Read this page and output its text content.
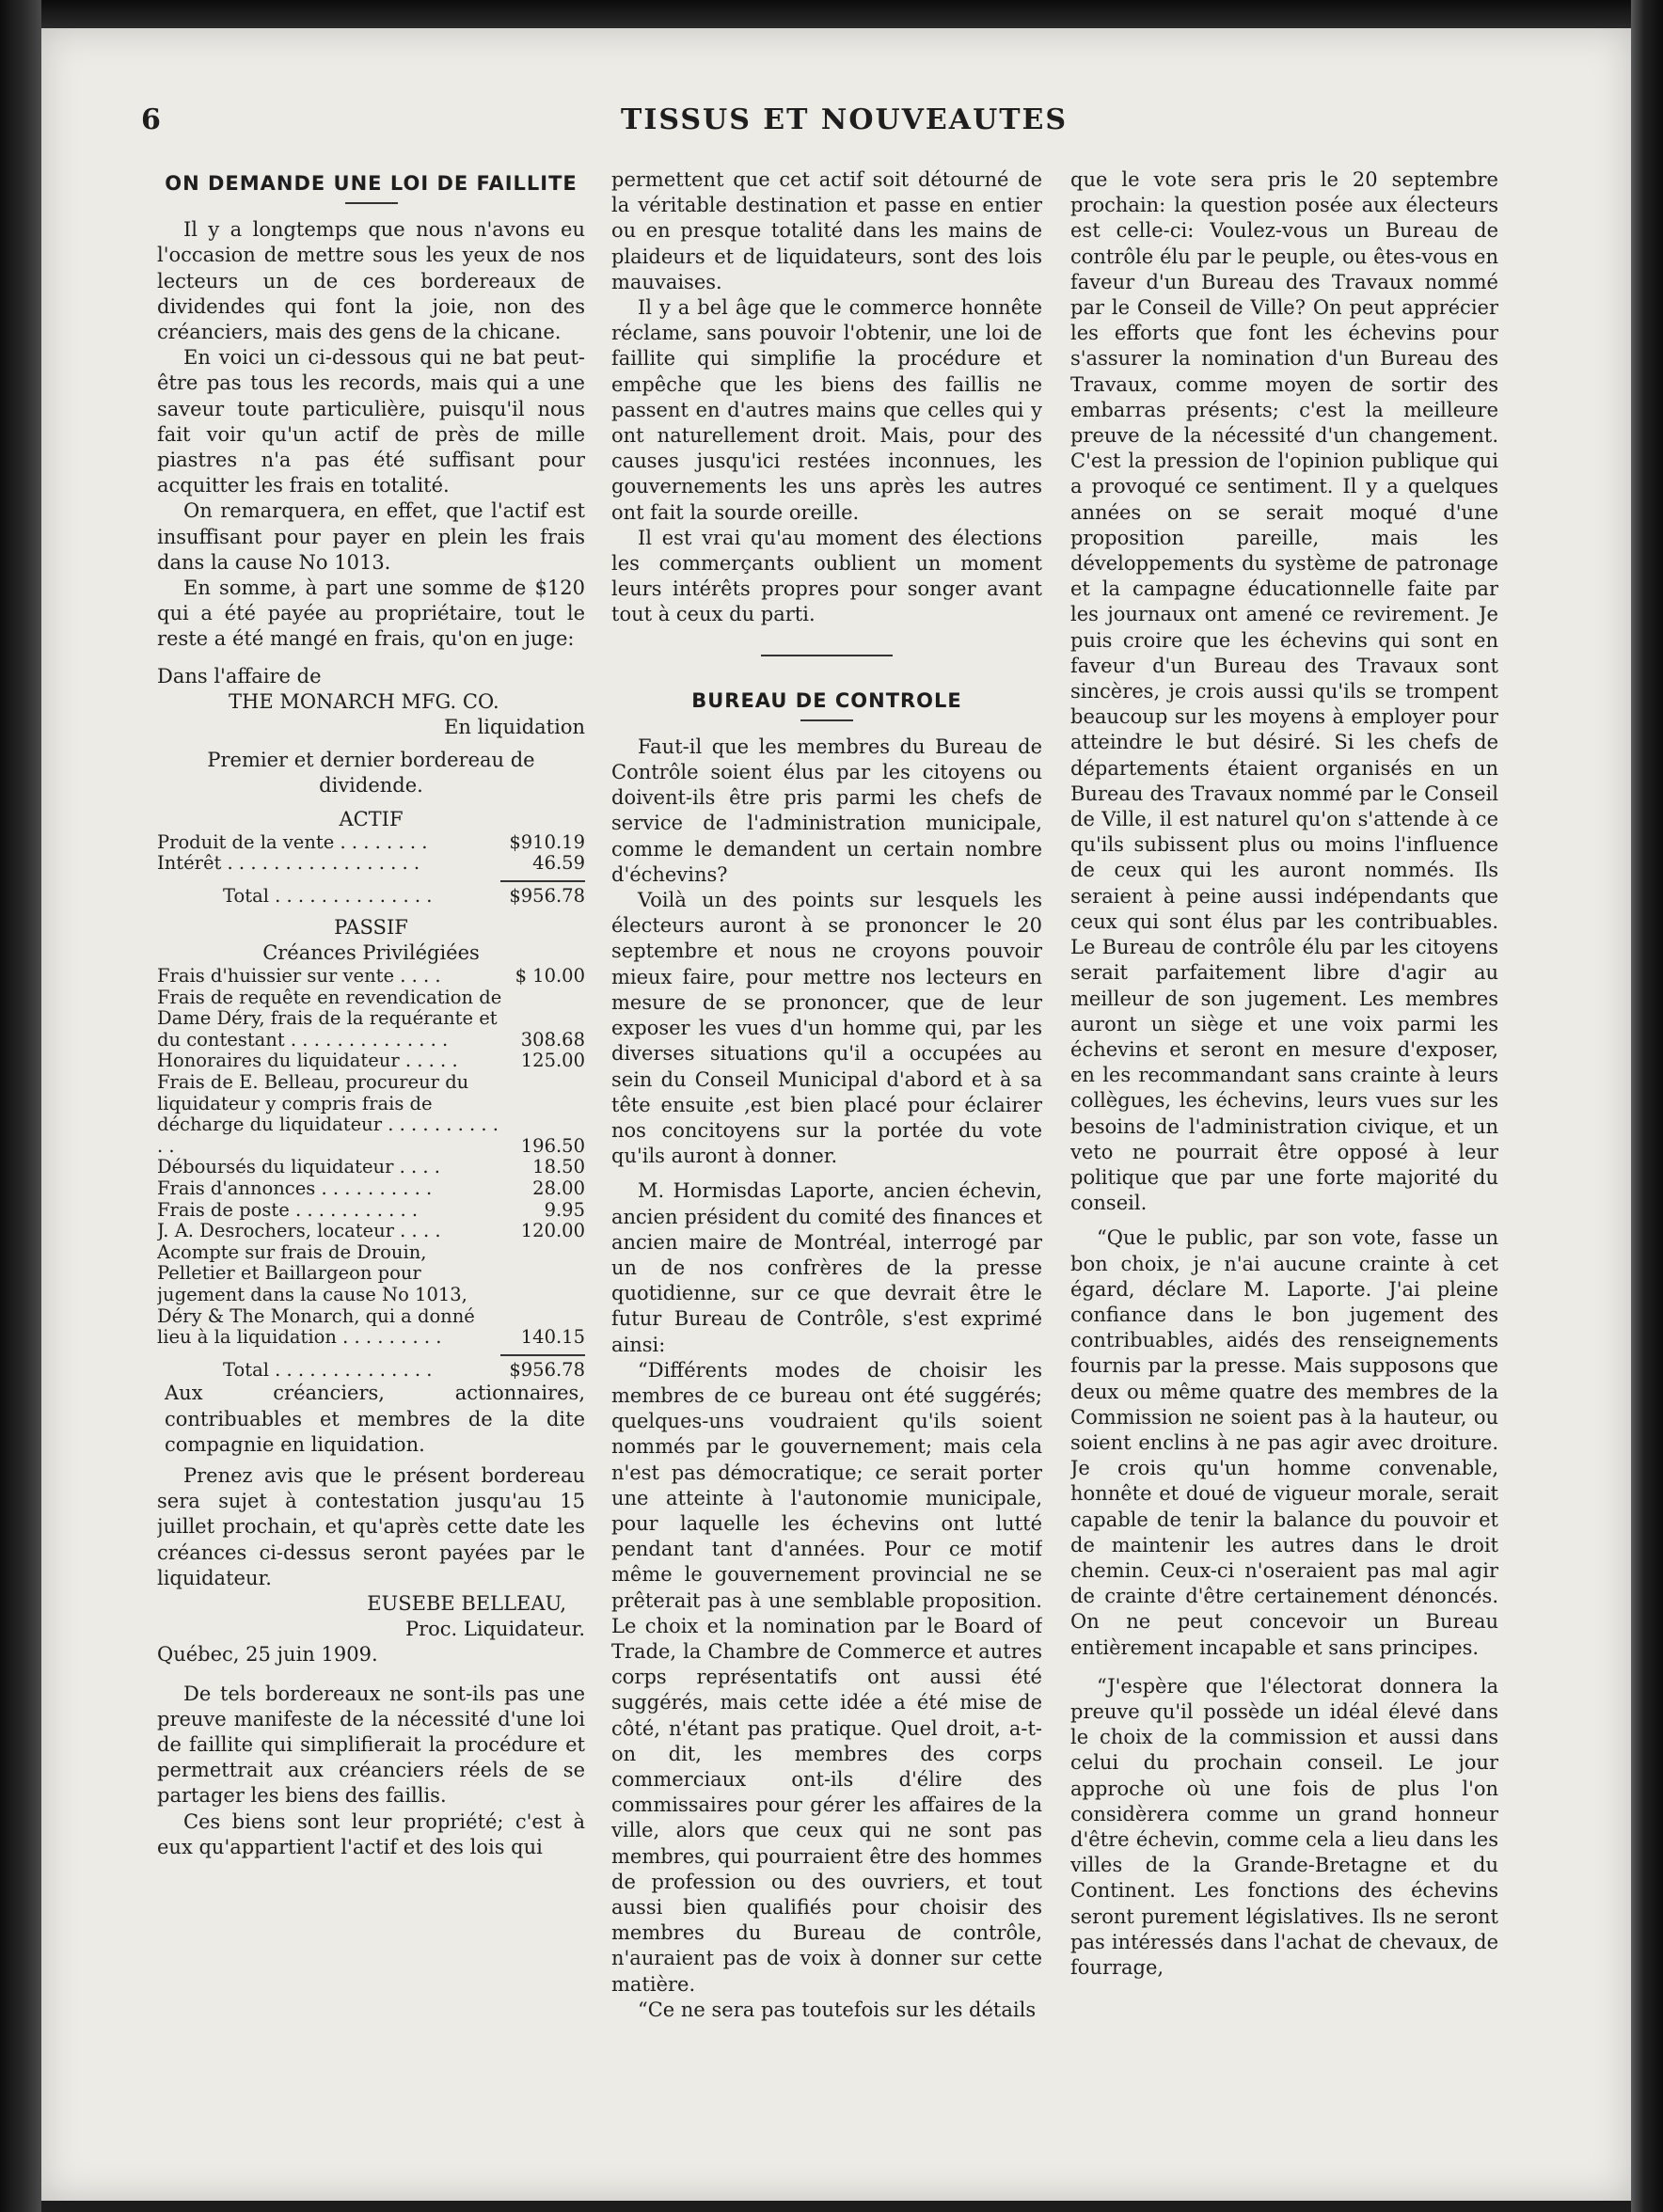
6	TISSUS ET NOUVEAUTES
ON DEMANDE UNE LOI DE FAILLITE

Il y a longtemps que nous n'avons eu l'occasion de mettre sous les yeux de nos lecteurs un de ces bordereaux de dividendes qui font la joie, non des créanciers, mais des gens de la chicane.

En voici un ci-dessous qui ne bat peut-être pas tous les records, mais qui a une saveur toute particulière, puisqu'il nous fait voir qu'un actif de près de mille piastres n'a pas été suffisant pour acquitter les frais en totalité.

On remarquera, en effet, que l'actif est insuffisant pour payer en plein les frais dans la cause No 1013.

En somme, à part une somme de $120 qui a été payée au propriétaire, tout le reste a été mangé en frais, qu'on en juge:

Dans l'affaire de

THE MONARCH MFG. CO.

En liquidation

Premier et dernier bordereau de dividende.

ACTIF

Produit de la vente . . . . . . . .	$910.19
Intérêt . . . . . . . . . . . . . . . . .	46.59
Total . . . . . . . . . . . . . .	$956.78

PASSIF

Créances Privilégiées

Frais d'huissier sur vente . . . .	$ 10.00
Frais de requête en revendication de Dame Déry, frais de la requérante et du contestant . . . . . . . . . . . . . .	308.68
Honoraires du liquidateur . . . . .	125.00
Frais de E. Belleau, procureur du liquidateur y compris frais de décharge du liquidateur . . . . . . . . . . . .	196.50
Déboursés du liquidateur . . . .	18.50
Frais d'annonces . . . . . . . . . .	28.00
Frais de poste . . . . . . . . . . .	9.95
J. A. Desrochers, locateur . . . .	120.00
Acompte sur frais de Drouin, Pelletier et Baillargeon pour jugement dans la cause No 1013, Déry & The Monarch, qui a donné lieu à la liquidation . . . . . . . . .	140.15
Total . . . . . . . . . . . . . .	$956.78

Aux créanciers, actionnaires, contribuables et membres de la dite compagnie en liquidation.

Prenez avis que le présent bordereau sera sujet à contestation jusqu'au 15 juillet prochain, et qu'après cette date les créances ci-dessus seront payées par le liquidateur.

EUSEBE BELLEAU,

Proc. Liquidateur.

Québec, 25 juin 1909.

De tels bordereaux ne sont-ils pas une preuve manifeste de la nécessité d'une loi de faillite qui simplifierait la procédure et permettrait aux créanciers réels de se partager les biens des faillis.

Ces biens sont leur propriété; c'est à eux qu'appartient l'actif et des lois qui

permettent que cet actif soit détourné de la véritable destination et passe en entier ou en presque totalité dans les mains de plaideurs et de liquidateurs, sont des lois mauvaises.

Il y a bel âge que le commerce honnête réclame, sans pouvoir l'obtenir, une loi de faillite qui simplifie la procédure et empêche que les biens des faillis ne passent en d'autres mains que celles qui y ont naturellement droit. Mais, pour des causes jusqu'ici restées inconnues, les gouvernements les uns après les autres ont fait la sourde oreille.

Il est vrai qu'au moment des élections les commerçants oublient un moment leurs intérêts propres pour songer avant tout à ceux du parti.

BUREAU DE CONTROLE

Faut-il que les membres du Bureau de Contrôle soient élus par les citoyens ou doivent-ils être pris parmi les chefs de service de l'administration municipale, comme le demandent un certain nombre d'échevins?

Voilà un des points sur lesquels les électeurs auront à se prononcer le 20 septembre et nous ne croyons pouvoir mieux faire, pour mettre nos lecteurs en mesure de se prononcer, que de leur exposer les vues d'un homme qui, par les diverses situations qu'il a occupées au sein du Conseil Municipal d'abord et à sa tête ensuite ,est bien placé pour éclairer nos concitoyens sur la portée du vote qu'ils auront à donner.

M. Hormisdas Laporte, ancien échevin, ancien président du comité des finances et ancien maire de Montréal, interrogé par un de nos confrères de la presse quotidienne, sur ce que devrait être le futur Bureau de Contrôle, s'est exprimé ainsi:

“Différents modes de choisir les membres de ce bureau ont été suggérés; quelques-uns voudraient qu'ils soient nommés par le gouvernement; mais cela n'est pas démocratique; ce serait porter une atteinte à l'autonomie municipale, pour laquelle les échevins ont lutté pendant tant d'années. Pour ce motif même le gouvernement provincial ne se prêterait pas à une semblable proposition. Le choix et la nomination par le Board of Trade, la Chambre de Commerce et autres corps représentatifs ont aussi été suggérés, mais cette idée a été mise de côté, n'étant pas pratique. Quel droit, a-t-on dit, les membres des corps commerciaux ont-ils d'élire des commissaires pour gérer les affaires de la ville, alors que ceux qui ne sont pas membres, qui pourraient être des hommes de profession ou des ouvriers, et tout aussi bien qualifiés pour choisir des membres du Bureau de contrôle, n'auraient pas de voix à donner sur cette matière.

“Ce ne sera pas toutefois sur les détails

que le vote sera pris le 20 septembre prochain: la question posée aux électeurs est celle-ci: Voulez-vous un Bureau de contrôle élu par le peuple, ou êtes-vous en faveur d'un Bureau des Travaux nommé par le Conseil de Ville? On peut apprécier les efforts que font les échevins pour s'assurer la nomination d'un Bureau des Travaux, comme moyen de sortir des embarras présents; c'est la meilleure preuve de la nécessité d'un changement. C'est la pression de l'opinion publique qui a provoqué ce sentiment. Il y a quelques années on se serait moqué d'une proposition pareille, mais les développements du système de patronage et la campagne éducationnelle faite par les journaux ont amené ce revirement. Je puis croire que les échevins qui sont en faveur d'un Bureau des Travaux sont sincères, je crois aussi qu'ils se trompent beaucoup sur les moyens à employer pour atteindre le but désiré. Si les chefs de départements étaient organisés en un Bureau des Travaux nommé par le Conseil de Ville, il est naturel qu'on s'attende à ce qu'ils subissent plus ou moins l'influence de ceux qui les auront nommés. Ils seraient à peine aussi indépendants que ceux qui sont élus par les contribuables. Le Bureau de contrôle élu par les citoyens serait parfaitement libre d'agir au meilleur de son jugement. Les membres auront un siège et une voix parmi les échevins et seront en mesure d'exposer, en les recommandant sans crainte à leurs collègues, les échevins, leurs vues sur les besoins de l'administration civique, et un veto ne pourrait être opposé à leur politique que par une forte majorité du conseil.

“Que le public, par son vote, fasse un bon choix, je n'ai aucune crainte à cet égard, déclare M. Laporte. J'ai pleine confiance dans le bon jugement des contribuables, aidés des renseignements fournis par la presse. Mais supposons que deux ou même quatre des membres de la Commission ne soient pas à la hauteur, ou soient enclins à ne pas agir avec droiture. Je crois qu'un homme convenable, honnête et doué de vigueur morale, serait capable de tenir la balance du pouvoir et de maintenir les autres dans le droit chemin. Ceux-ci n'oseraient pas mal agir de crainte d'être certainement dénoncés. On ne peut concevoir un Bureau entièrement incapable et sans principes.

“J'espère que l'électorat donnera la preuve qu'il possède un idéal élevé dans le choix de la commission et aussi dans celui du prochain conseil. Le jour approche où une fois de plus l'on considèrera comme un grand honneur d'être échevin, comme cela a lieu dans les villes de la Grande-Bretagne et du Continent. Les fonctions des échevins seront purement législatives. Ils ne seront pas intéressés dans l'achat de chevaux, de fourrage,
